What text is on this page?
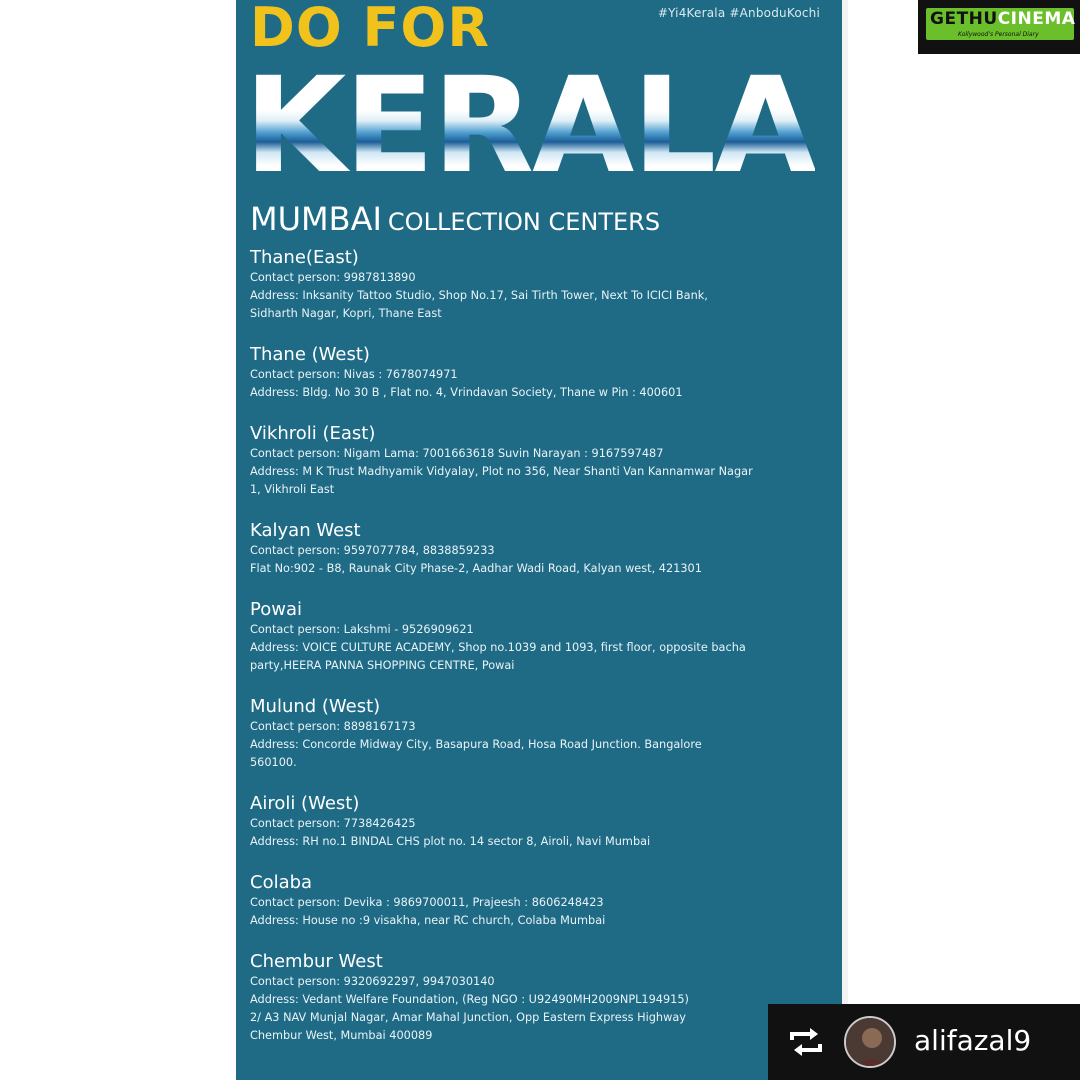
#Yi4Kerala #AnboduKochi
DO FOR
KERALA
MUMBAI COLLECTION CENTERS
Thane(East)
Contact person: 9987813890
Address: Inksanity Tattoo Studio, Shop No.17, Sai Tirth Tower, Next To ICICI Bank,
Sidharth Nagar, Kopri, Thane East
Thane (West)
Contact person: Nivas : 7678074971
Address: Bldg. No 30 B , Flat no. 4, Vrindavan Society, Thane w Pin : 400601
Vikhroli (East)
Contact person: Nigam Lama: 7001663618 Suvin Narayan : 9167597487
Address: M K Trust Madhyamik Vidyalay, Plot no 356, Near Shanti Van Kannamwar Nagar
1, Vikhroli East
Kalyan West
Contact person: 9597077784, 8838859233
Flat No:902 - B8, Raunak City Phase-2, Aadhar Wadi Road, Kalyan west, 421301
Powai
Contact person: Lakshmi - 9526909621
Address: VOICE CULTURE ACADEMY, Shop no.1039 and 1093, first floor, opposite bacha
party,HEERA PANNA SHOPPING CENTRE, Powai
Mulund (West)
Contact person: 8898167173
Address: Concorde Midway City, Basapura Road, Hosa Road Junction. Bangalore
560100.
Airoli (West)
Contact person: 7738426425
Address: RH no.1 BINDAL CHS plot no. 14 sector 8, Airoli, Navi Mumbai
Colaba
Contact person: Devika : 9869700011, Prajeesh : 8606248423
Address: House no :9 visakha, near RC church, Colaba Mumbai
Chembur West
Contact person: 9320692297, 9947030140
Address: Vedant Welfare Foundation, (Reg NGO : U92490MH2009NPL194915)
2/ A3 NAV Munjal Nagar, Amar Mahal Junction, Opp Eastern Express Highway
Chembur West, Mumbai 400089
GETHUCINEMA
Kollywood's Personal Diary
alifazal9
